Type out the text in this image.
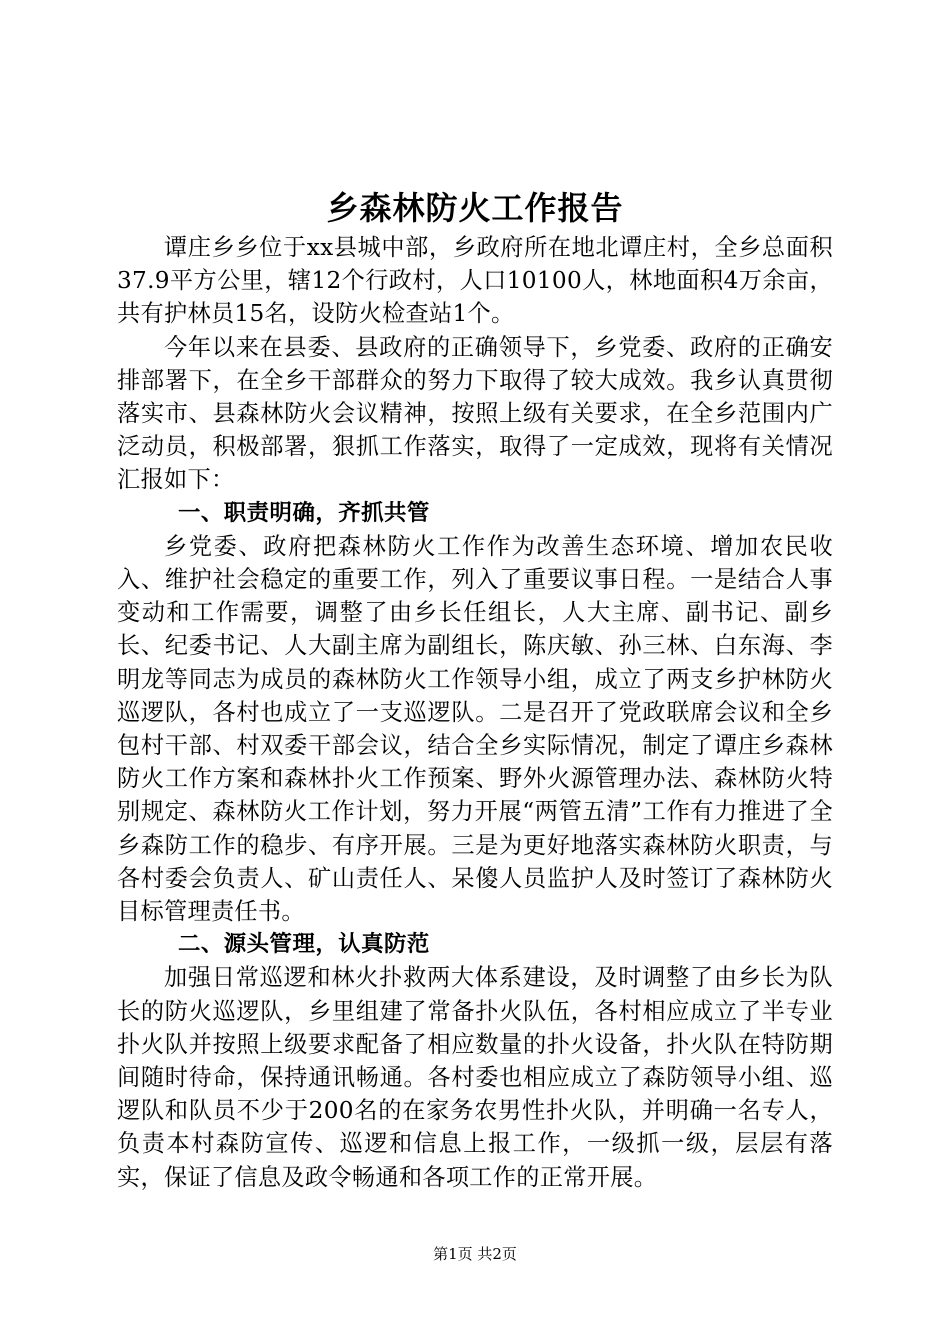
乡森林防火工作报告

谭庄乡乡位于xx县城中部，乡政府所在地北谭庄村，全乡总面积37.9平方公里，辖12个行政村，人口10100人，林地面积4万余亩，共有护林员15名，设防火检查站1个。

今年以来在县委、县政府的正确领导下，乡党委、政府的正确安排部署下，在全乡干部群众的努力下取得了较大成效。我乡认真贯彻落实市、县森林防火会议精神，按照上级有关要求，在全乡范围内广泛动员，积极部署，狠抓工作落实，取得了一定成效，现将有关情况汇报如下：

一、职责明确，齐抓共管

乡党委、政府把森林防火工作作为改善生态环境、增加农民收入、维护社会稳定的重要工作，列入了重要议事日程。一是结合人事变动和工作需要，调整了由乡长任组长，人大主席、副书记、副乡长、纪委书记、人大副主席为副组长，陈庆敏、孙三林、白东海、李明龙等同志为成员的森林防火工作领导小组，成立了两支乡护林防火巡逻队，各村也成立了一支巡逻队。二是召开了党政联席会议和全乡包村干部、村双委干部会议，结合全乡实际情况，制定了谭庄乡森林防火工作方案和森林扑火工作预案、野外火源管理办法、森林防火特别规定、森林防火工作计划，努力开展“两管五清”工作有力推进了全乡森防工作的稳步、有序开展。三是为更好地落实森林防火职责，与各村委会负责人、矿山责任人、呆傻人员监护人及时签订了森林防火目标管理责任书。

二、源头管理，认真防范

加强日常巡逻和林火扑救两大体系建设，及时调整了由乡长为队长的防火巡逻队，乡里组建了常备扑火队伍，各村相应成立了半专业扑火队并按照上级要求配备了相应数量的扑火设备，扑火队在特防期间随时待命，保持通讯畅通。各村委也相应成立了森防领导小组、巡逻队和队员不少于200名的在家务农男性扑火队，并明确一名专人，负责本村森防宣传、巡逻和信息上报工作，一级抓一级，层层有落实，保证了信息及政令畅通和各项工作的正常开展。

第1页 共2页
